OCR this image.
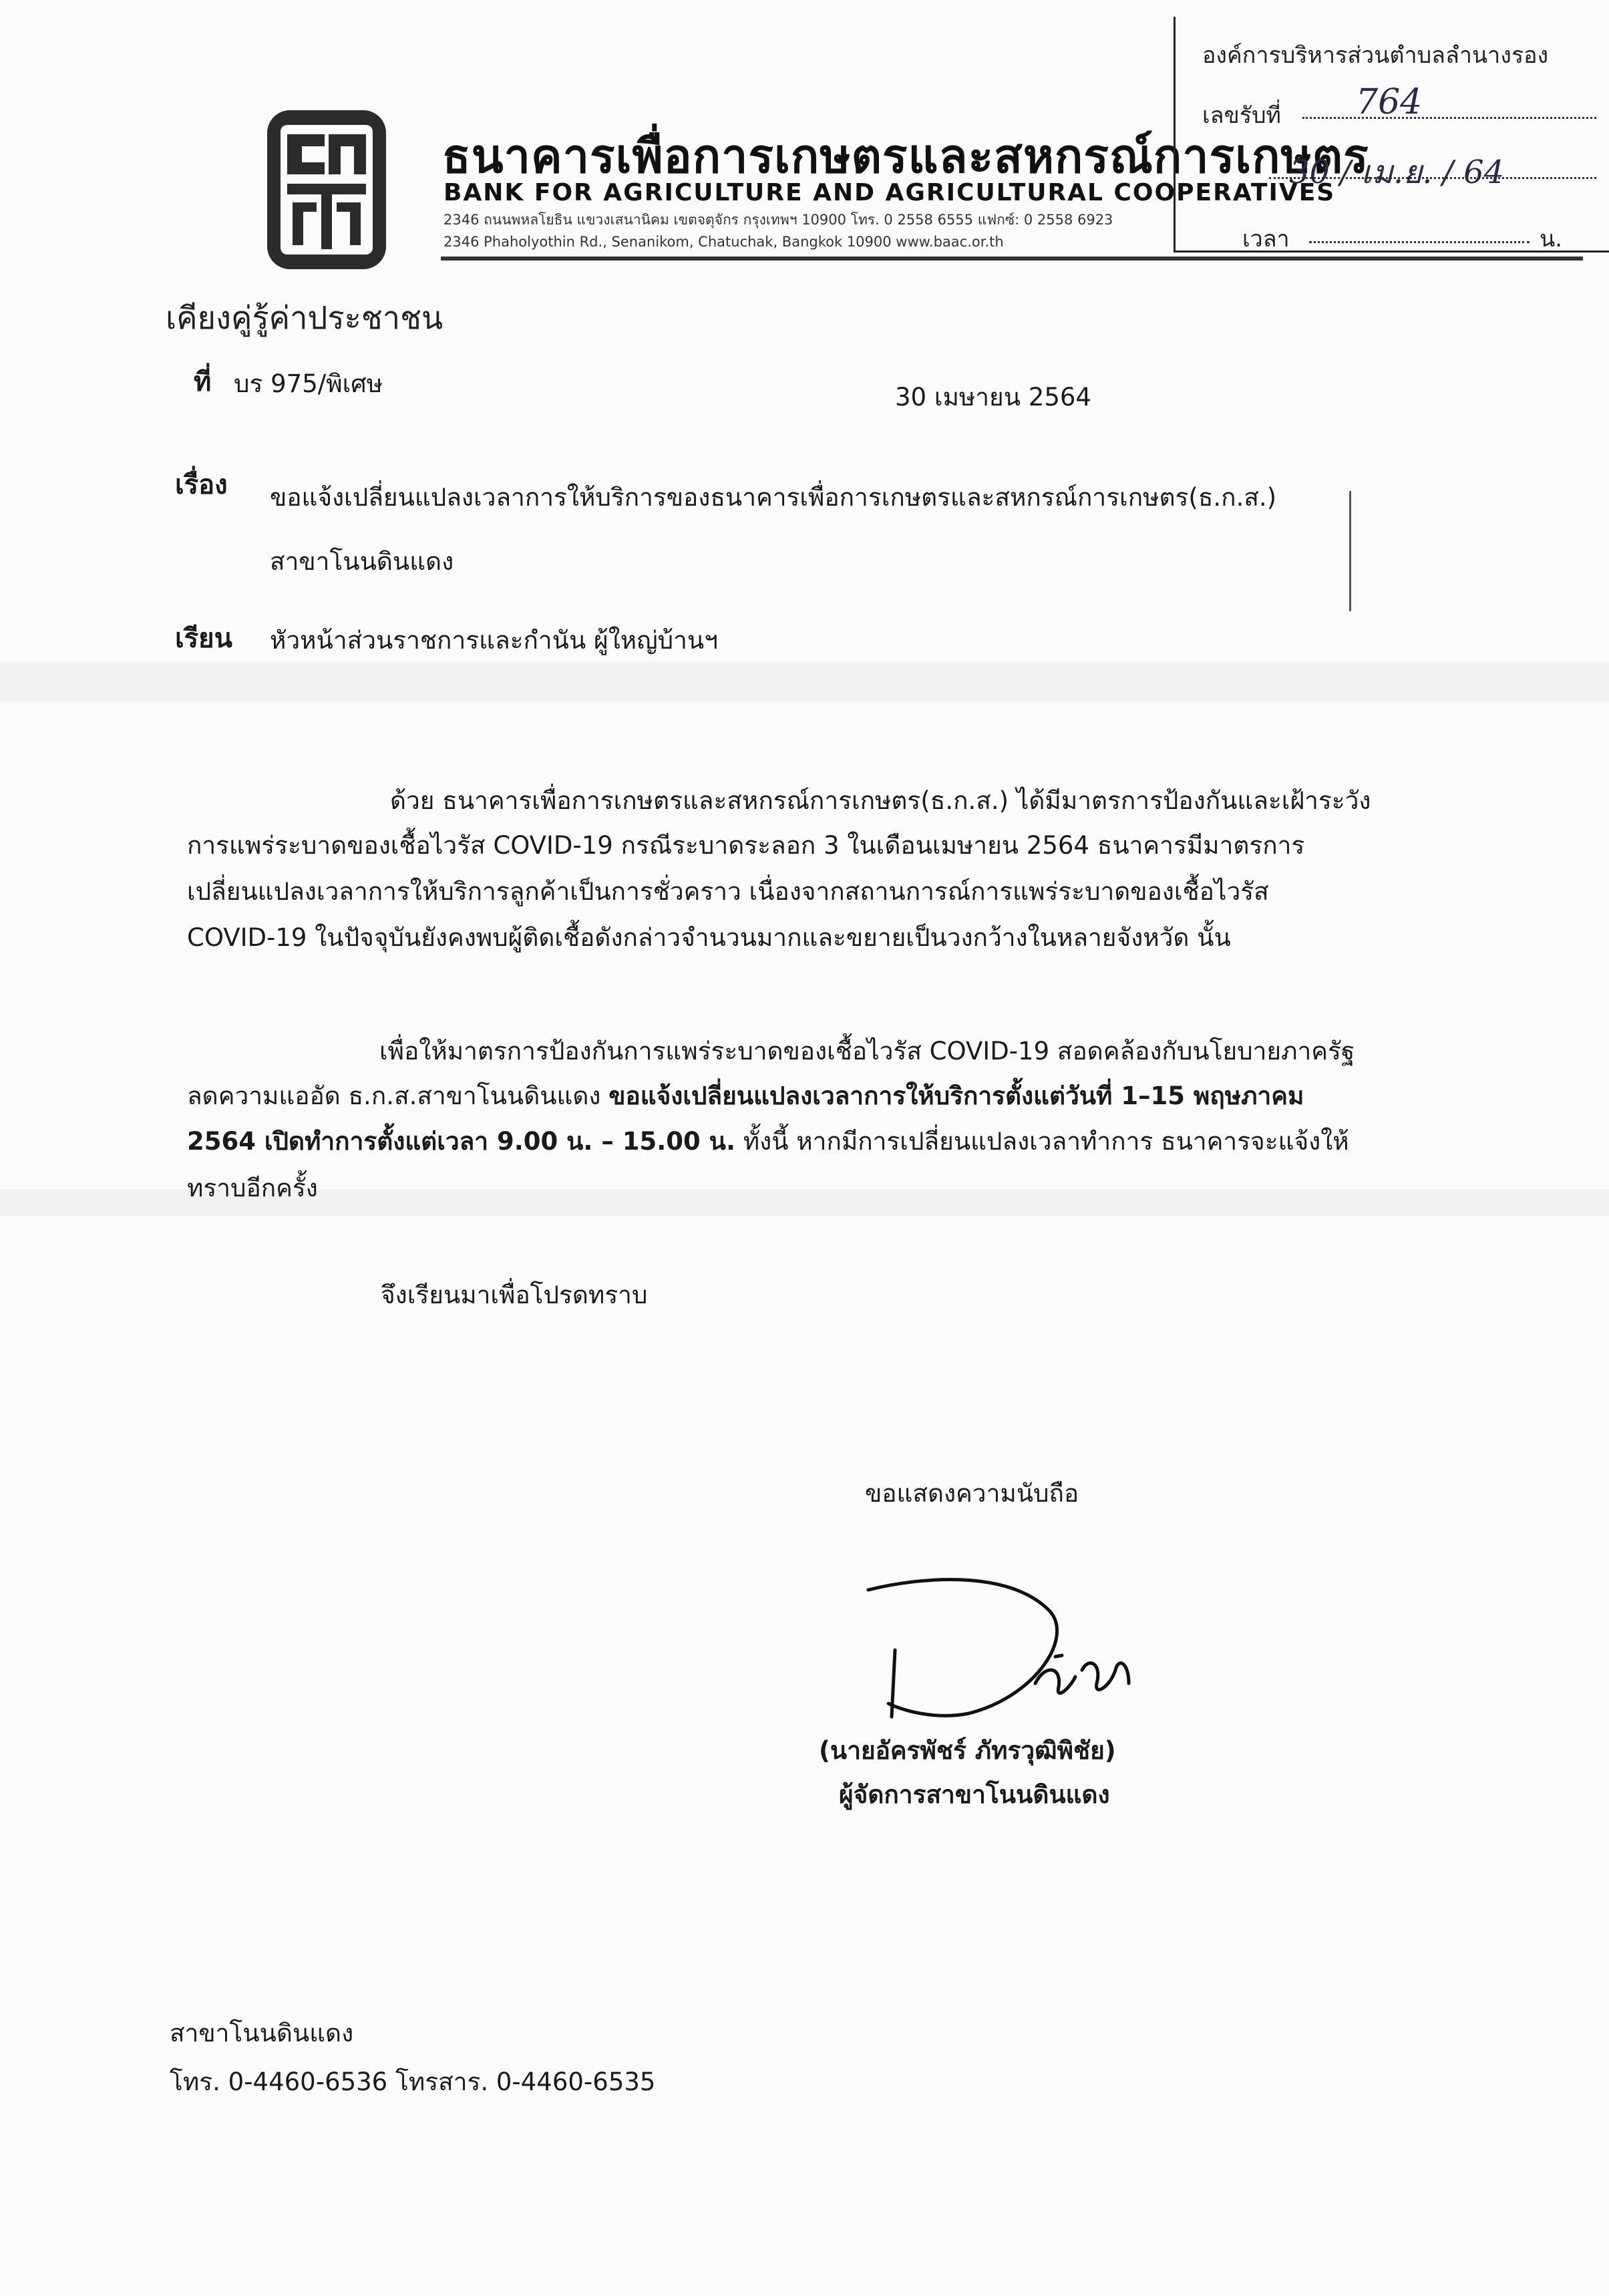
ธนาคารเพื่อการเกษตรและสหกรณ์การเกษตร
BANK FOR AGRICULTURE AND AGRICULTURAL COOPERATIVES
2346 ถนนพหลโยธิน แขวงเสนานิคม เขตจตุจักร กรุงเทพฯ 10900 โทร. 0 2558 6555 แฟกซ์: 0 2558 6923
2346 Phaholyothin Rd., Senanikom, Chatuchak, Bangkok 10900 www.baac.or.th
เคียงคู่รู้ค่าประชาชน
องค์การบริหารส่วนตำบลลำนางรอง
เลขรับที่ 764
30 / เม.ย. / 64
เวลา	น.
ที่ บร 975/พิเศษ	30 เมษายน 2564
เรื่อง ขอแจ้งเปลี่ยนแปลงเวลาการให้บริการของธนาคารเพื่อการเกษตรและสหกรณ์การเกษตร(ธ.ก.ส.)
สาขาโนนดินแดง
เรียน หัวหน้าส่วนราชการและกำนัน ผู้ใหญ่บ้านฯ
ด้วย ธนาคารเพื่อการเกษตรและสหกรณ์การเกษตร(ธ.ก.ส.) ได้มีมาตรการป้องกันและเฝ้าระวัง
การแพร่ระบาดของเชื้อไวรัส COVID-19 กรณีระบาดระลอก 3 ในเดือนเมษายน 2564 ธนาคารมีมาตรการ
เปลี่ยนแปลงเวลาการให้บริการลูกค้าเป็นการชั่วคราว เนื่องจากสถานการณ์การแพร่ระบาดของเชื้อไวรัส
COVID-19 ในปัจจุบันยังคงพบผู้ติดเชื้อดังกล่าวจำนวนมากและขยายเป็นวงกว้างในหลายจังหวัด นั้น
เพื่อให้มาตรการป้องกันการแพร่ระบาดของเชื้อไวรัส COVID-19 สอดคล้องกับนโยบายภาครัฐ
ลดความแออัด ธ.ก.ส.สาขาโนนดินแดง ขอแจ้งเปลี่ยนแปลงเวลาการให้บริการตั้งแต่วันที่ 1–15 พฤษภาคม
2564 เปิดทำการตั้งแต่เวลา 9.00 น. – 15.00 น. ทั้งนี้ หากมีการเปลี่ยนแปลงเวลาทำการ ธนาคารจะแจ้งให้
ทราบอีกครั้ง
จึงเรียนมาเพื่อโปรดทราบ
ขอแสดงความนับถือ
(นายอัครพัชร์ ภัทรวุฒิพิชัย)
ผู้จัดการสาขาโนนดินแดง
สาขาโนนดินแดง
โทร. 0-4460-6536 โทรสาร. 0-4460-6535
